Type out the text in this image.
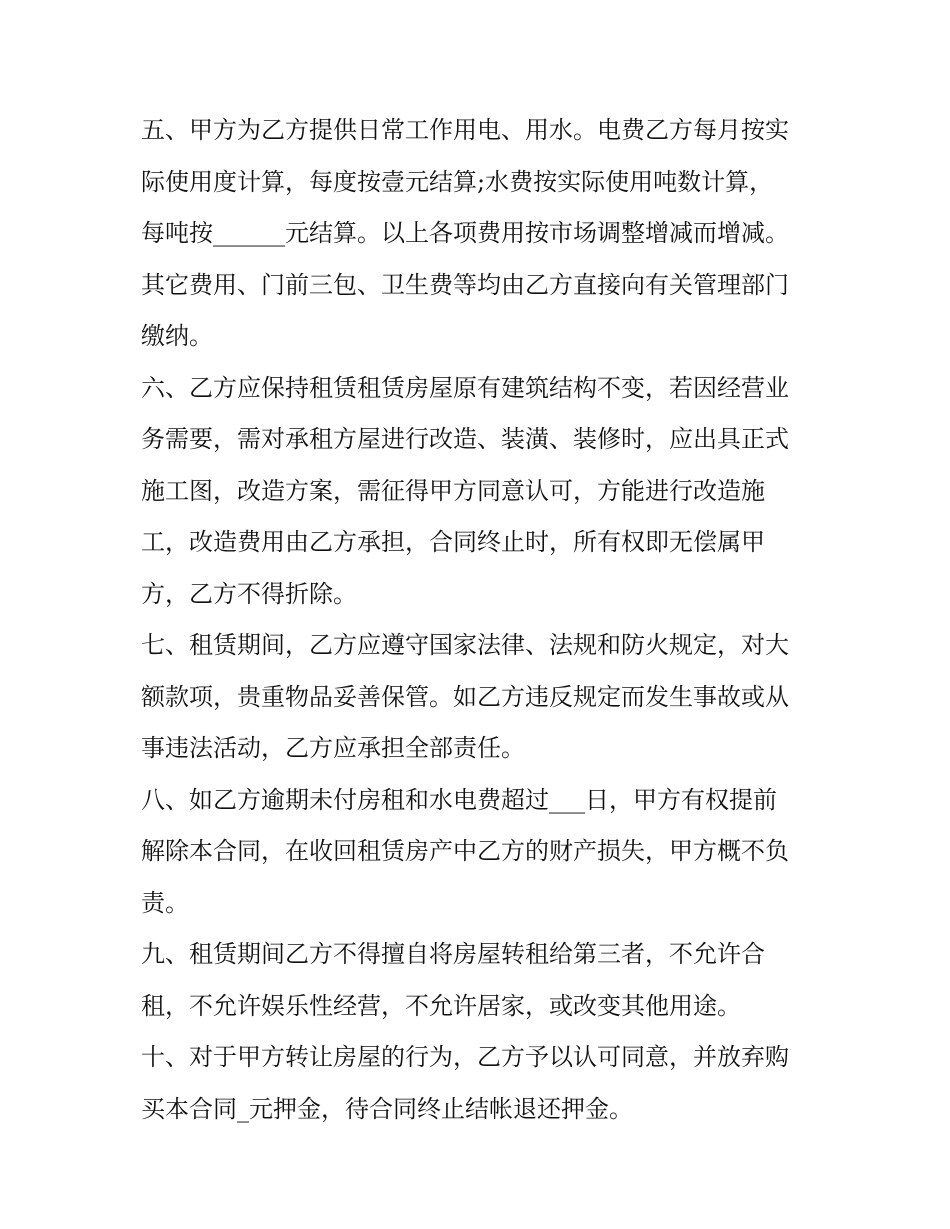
五、甲方为乙方提供日常工作用电、用水。电费乙方每月按实
际使用度计算，每度按壹元结算;水费按实际使用吨数计算，
每吨按______元结算。以上各项费用按市场调整增减而增减。
其它费用、门前三包、卫生费等均由乙方直接向有关管理部门
缴纳。
六、乙方应保持租赁租赁房屋原有建筑结构不变，若因经营业
务需要，需对承租方屋进行改造、装潢、装修时，应出具正式
施工图，改造方案，需征得甲方同意认可，方能进行改造施
工，改造费用由乙方承担，合同终止时，所有权即无偿属甲
方，乙方不得折除。
七、租赁期间，乙方应遵守国家法律、法规和防火规定，对大
额款项，贵重物品妥善保管。如乙方违反规定而发生事故或从
事违法活动，乙方应承担全部责任。
八、如乙方逾期未付房租和水电费超过___日，甲方有权提前
解除本合同，在收回租赁房产中乙方的财产损失，甲方概不负
责。
九、租赁期间乙方不得擅自将房屋转租给第三者，不允许合
租，不允许娱乐性经营，不允许居家，或改变其他用途。
十、对于甲方转让房屋的行为，乙方予以认可同意，并放弃购
买本合同_元押金，待合同终止结帐退还押金。
